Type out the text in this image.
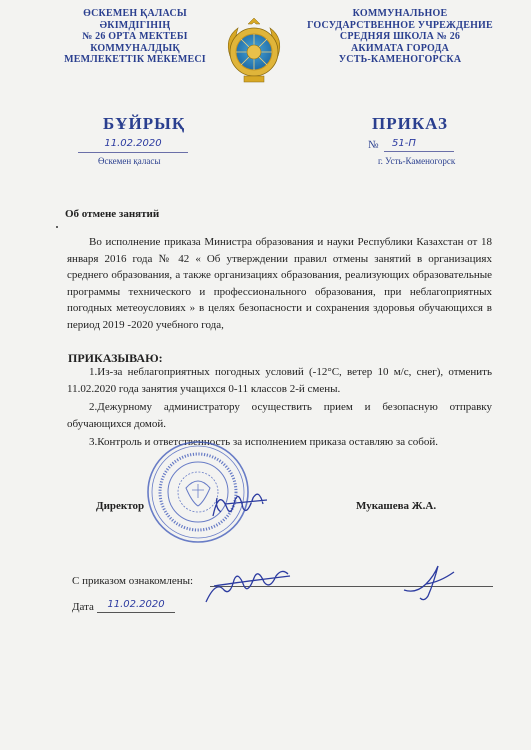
ӨСКЕМЕН ҚАЛАСЫ
ӘКІМДІГІНІҢ
№ 26 ОРТА МЕКТЕБІ
КОММУНАЛДЫҚ
МЕМЛЕКЕТТІК МЕКЕМЕСІ
КОММУНАЛЬНОЕ
ГОСУДАРСТВЕННОЕ УЧРЕЖДЕНИЕ
СРЕДНЯЯ ШКОЛА № 26
АКИМАТА ГОРОДА
УСТЬ-КАМЕНОГОРСКА
БҰЙРЫҚ	ПРИКАЗ
11.02.2020
Өскемен қаласы
№	51-П
г. Усть-Каменогорск
Об отмене занятий
Во исполнение приказа Министра образования и науки Республики Казахстан от 18 января 2016 года № 42 « Об утверждении правил отмены занятий в организациях среднего образования, а также организациях образования, реализующих образовательные программы технического и профессионального образования, при неблагоприятных погодных метеоусловиях » в целях безопасности и сохранения здоровья обучающихся в период 2019 -2020 учебного года,
ПРИКАЗЫВАЮ:
1.Из-за неблагоприятных погодных условий (-12°С, ветер 10 м/с, снег), отменить 11.02.2020 года занятия учащихся 0-11 классов 2-й смены.
2.Дежурному администратору осуществить прием и безопасную отправку обучающихся домой.
3.Контроль и ответственность за исполнением приказа оставляю за собой.
Директор	Мукашева Ж.А.
С приказом ознакомлены:
Дата	11.02.2020
